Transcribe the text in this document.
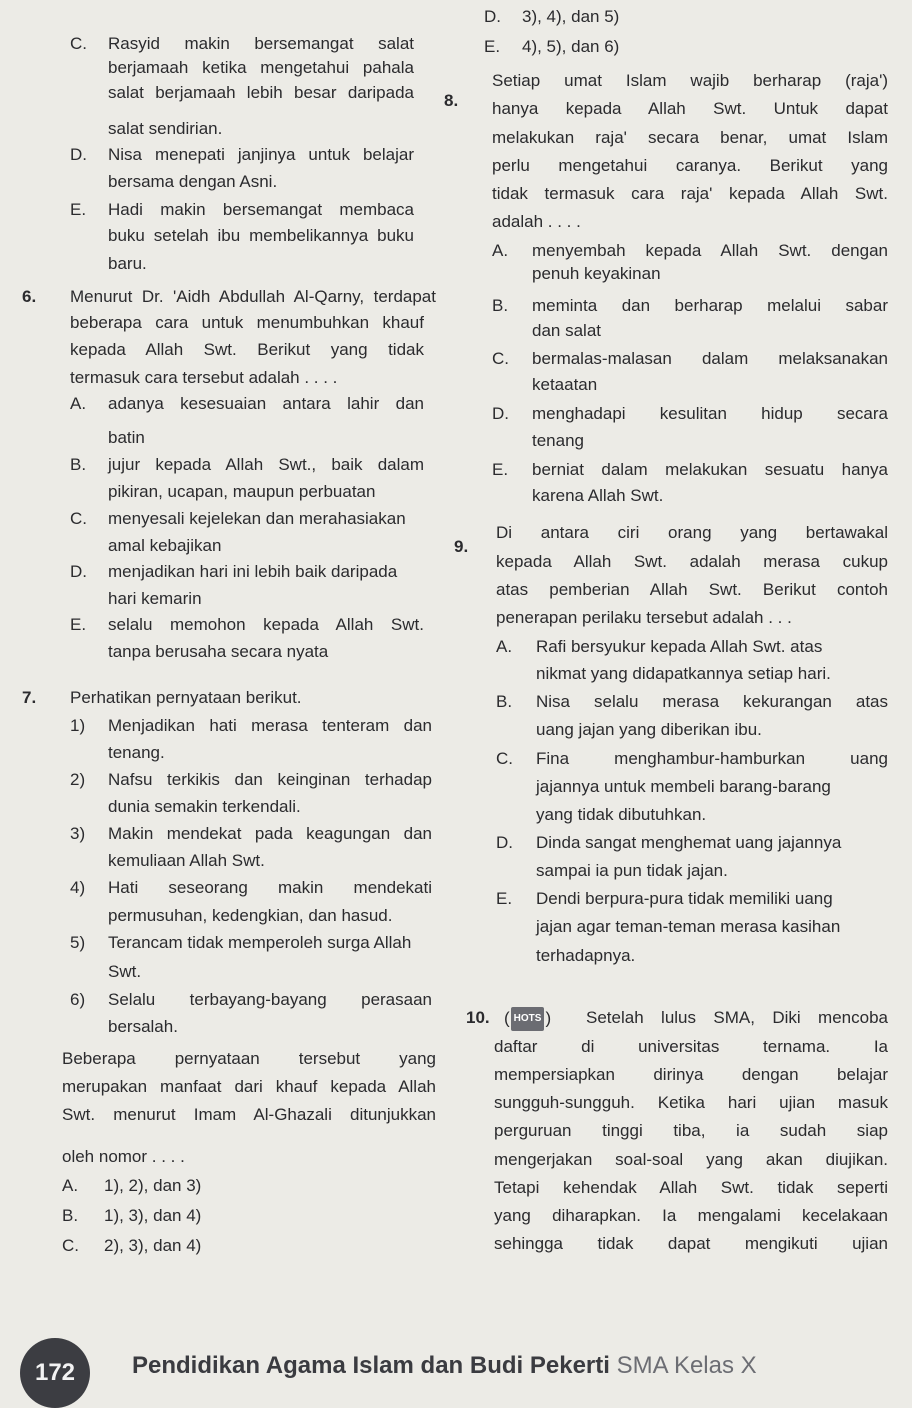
C. Rasyid makin bersemangat salat
berjamaah ketika mengetahui pahala
salat berjamaah lebih besar daripada
salat sendirian.
D. Nisa menepati janjinya untuk belajar
bersama dengan Asni.
E. Hadi makin bersemangat membaca
buku setelah ibu membelikannya buku
baru.
6. Menurut Dr. 'Aidh Abdullah Al-Qarny, terdapat
beberapa cara untuk menumbuhkan khauf
kepada Allah Swt. Berikut yang tidak
termasuk cara tersebut adalah . . . .
A. adanya kesesuaian antara lahir dan
batin
B. jujur kepada Allah Swt., baik dalam
pikiran, ucapan, maupun perbuatan
C. menyesali kejelekan dan merahasiakan
amal kebajikan
D. menjadikan hari ini lebih baik daripada
hari kemarin
E. selalu memohon kepada Allah Swt.
tanpa berusaha secara nyata
7. Perhatikan pernyataan berikut.
1) Menjadikan hati merasa tenteram dan
tenang.
2) Nafsu terkikis dan keinginan terhadap
dunia semakin terkendali.
3) Makin mendekat pada keagungan dan
kemuliaan Allah Swt.
4) Hati seseorang makin mendekati
permusuhan, kedengkian, dan hasud.
5) Terancam tidak memperoleh surga Allah
Swt.
6) Selalu terbayang-bayang perasaan
bersalah.
Beberapa pernyataan tersebut yang
merupakan manfaat dari khauf kepada Allah
Swt. menurut Imam Al-Ghazali ditunjukkan
oleh nomor . . . .
A. 1), 2), dan 3)
B. 1), 3), dan 4)
C. 2), 3), dan 4)
D. 3), 4), dan 5)
E. 4), 5), dan 6)
8.
Setiap umat Islam wajib berharap (raja')
hanya kepada Allah Swt. Untuk dapat
melakukan raja' secara benar, umat Islam
perlu mengetahui caranya. Berikut yang
tidak termasuk cara raja' kepada Allah Swt.
adalah . . . .
A. menyembah kepada Allah Swt. dengan
penuh keyakinan
B. meminta dan berharap melalui sabar
dan salat
C. bermalas-malasan dalam melaksanakan
ketaatan
D. menghadapi kesulitan hidup secara
tenang
E. berniat dalam melakukan sesuatu hanya
karena Allah Swt.
9.
Di antara ciri orang yang bertawakal
kepada Allah Swt. adalah merasa cukup
atas pemberian Allah Swt. Berikut contoh
penerapan perilaku tersebut adalah . . .
A. Rafi bersyukur kepada Allah Swt. atas
nikmat yang didapatkannya setiap hari.
B. Nisa selalu merasa kekurangan atas
uang jajan yang diberikan ibu.
C. Fina menghambur-hamburkan uang
jajannya untuk membeli barang-barang
yang tidak dibutuhkan.
D. Dinda sangat menghemat uang jajannya
sampai ia pun tidak jajan.
E. Dendi berpura-pura tidak memiliki uang
jajan agar teman-teman merasa kasihan
terhadapnya.
10. ( HOTS ) Setelah lulus SMA, Diki mencoba
daftar di universitas ternama. Ia
mempersiapkan dirinya dengan belajar
sungguh-sungguh. Ketika hari ujian masuk
perguruan tinggi tiba, ia sudah siap
mengerjakan soal-soal yang akan diujikan.
Tetapi kehendak Allah Swt. tidak seperti
yang diharapkan. Ia mengalami kecelakaan
sehingga tidak dapat mengikuti ujian
172	Pendidikan Agama Islam dan Budi Pekerti SMA Kelas X
